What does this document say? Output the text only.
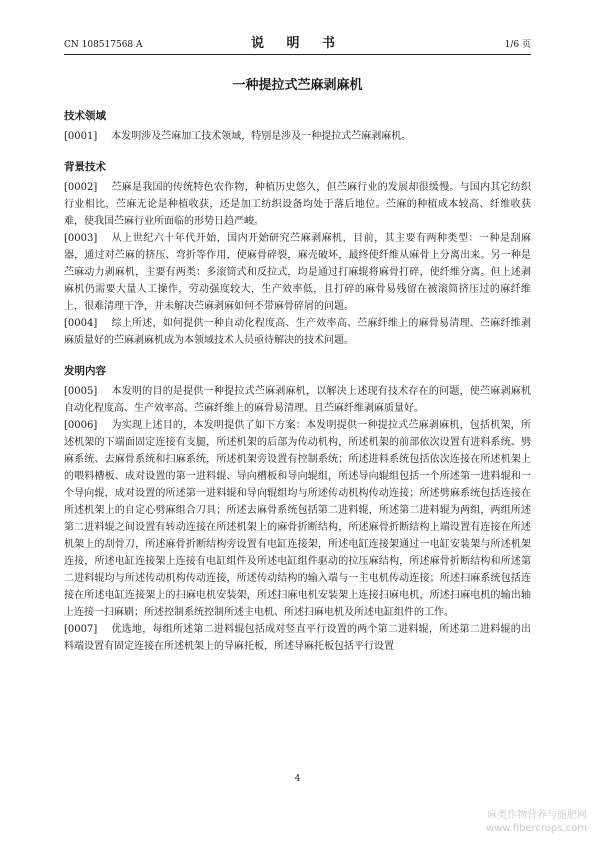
CN 108517568 A	说 明 书	1/6 页
一种提拉式苎麻剥麻机
技术领域

[0001] 本发明涉及苎麻加工技术领域，特别是涉及一种提拉式苎麻剥麻机。

背景技术

[0002] 苎麻是我国的传统特色农作物，种植历史悠久，但苎麻行业的发展却很缓慢。与国内其它纺织行业相比，苎麻无论是种植收获，还是加工纺织设备均处于落后地位。苎麻的种植成本较高、纤维收获难，使我国苎麻行业所面临的形势日趋严峻。

[0003] 从上世纪六十年代开始，国内开始研究苎麻剥麻机，目前，其主要有两种类型：一种是刮麻器，通过对苎麻的挤压、弯折等作用，使麻骨碎裂，麻壳破坏，最终使纤维从麻骨上分离出来。另一种是苎麻动力剥麻机，主要有两类：多滚筒式和反拉式，均是通过打麻辊将麻骨打碎，使纤维分离。但上述剥麻机仍需要大量人工操作，劳动强度较大，生产效率低，且打碎的麻骨易残留在被滚筒挤压过的麻纤维上，很难清理干净，并未解决苎麻剥麻如何不带麻骨碎屑的问题。

[0004] 综上所述，如何提供一种自动化程度高、生产效率高、苎麻纤维上的麻骨易清理、苎麻纤维剥麻质量好的苎麻剥麻机成为本领域技术人员亟待解决的技术问题。

发明内容

[0005] 本发明的目的是提供一种提拉式苎麻剥麻机，以解决上述现有技术存在的问题，使苎麻剥麻机自动化程度高、生产效率高、苎麻纤维上的麻骨易清理、且苎麻纤维剥麻质量好。

[0006] 为实现上述目的，本发明提供了如下方案：本发明提供一种提拉式苎麻剥麻机，包括机架，所述机架的下端面固定连接有支腿，所述机架的后部为传动机构，所述机架的前部依次设置有进料系统、劈麻系统、去麻骨系统和扫麻系统，所述机架旁设置有控制系统；所述进料系统包括依次连接在所述机架上的喂料槽板、成对设置的第一进料辊、导向槽板和导向辊组，所述导向辊组包括一个所述第一进料辊和一个导向辊，成对设置的所述第一进料辊和导向辊组均与所述传动机构传动连接；所述劈麻系统包括连接在所述机架上的自定心劈麻组合刀具；所述去麻骨系统包括第二进料辊，所述第二进料辊为两组，两组所述第二进料辊之间设置有转动连接在所述机架上的麻骨折断结构，所述麻骨折断结构上端设置有连接在所述机架上的刮骨刀，所述麻骨折断结构旁设置有电缸连接架，所述电缸连接架通过一电缸安装架与所述机架连接，所述电缸连接架上连接有电缸组件及所述电缸组件驱动的拉压麻结构，所述麻骨折断结构和所述第二进料辊均与所述传动机构传动连接，所述传动结构的输入端与一主电机传动连接；所述扫麻系统包括连接在所述电缸连接架上的扫麻电机安装架，所述扫麻电机安装架上连接扫麻电机，所述扫麻电机的输出轴上连接一扫麻刷；所述控制系统控制所述主电机、所述扫麻电机及所述电缸组件的工作。

[0007] 优选地，每组所述第二进料辊包括成对竖直平行设置的两个第二进料辊，所述第二进料辊的出料端设置有固定连接在所述机架上的导麻托板，所述导麻托板包括平行设置

4
麻类作物营养与施肥网
www.fibercrops.com
